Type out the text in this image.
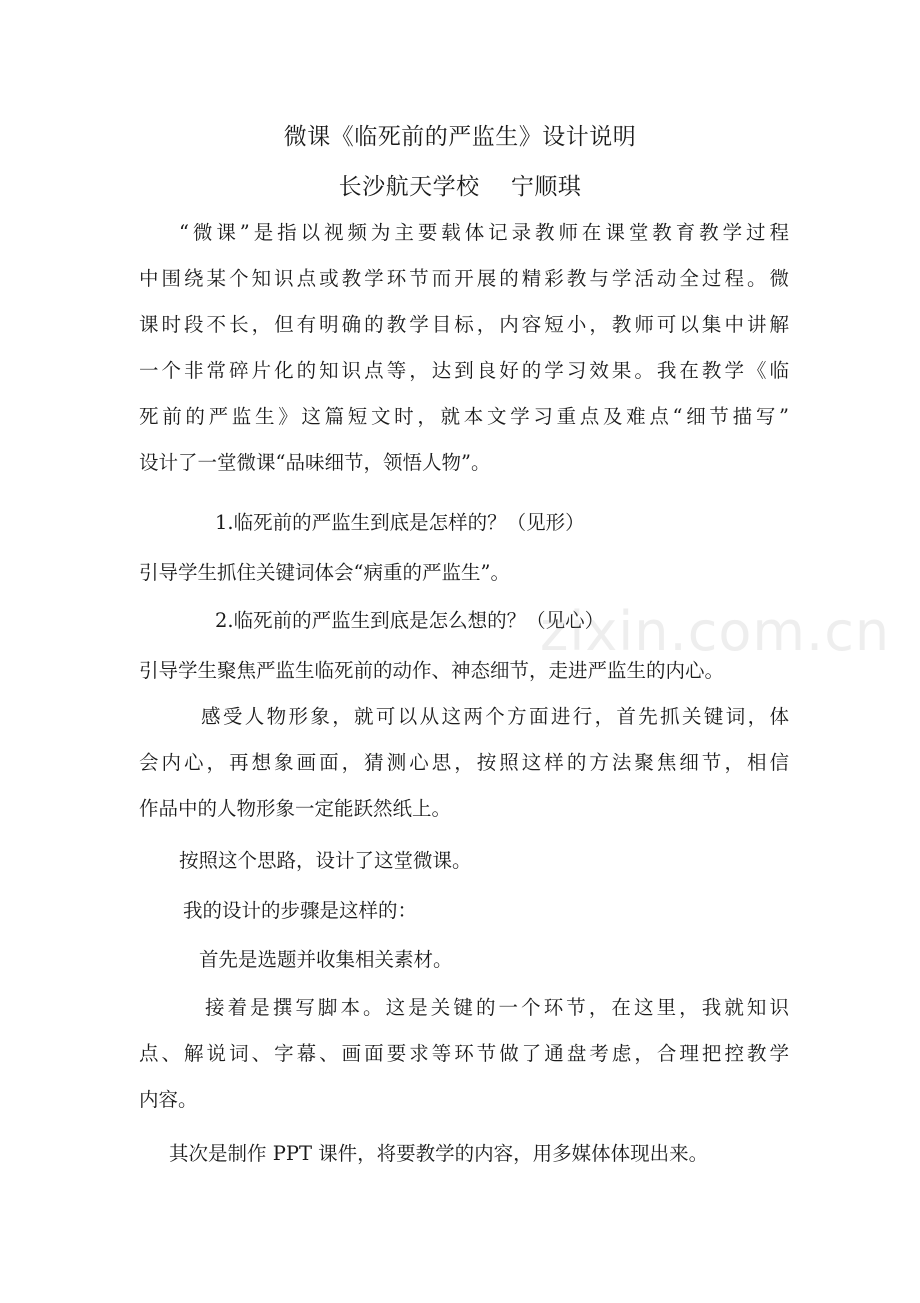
微课《临死前的严监生》设计说明
长沙航天学校　 宁顺琪
“微课”是指以视频为主要载体记录教师在课堂教育教学过程
中围绕某个知识点或教学环节而开展的精彩教与学活动全过程。微
课时段不长，但有明确的教学目标，内容短小，教师可以集中讲解
一个非常碎片化的知识点等，达到良好的学习效果。我在教学《临
死前的严监生》这篇短文时，就本文学习重点及难点“细节描写”
设计了一堂微课“品味细节，领悟人物”。
1.临死前的严监生到底是怎样的？（见形）
引导学生抓住关键词体会“病重的严监生”。
2.临死前的严监生到底是怎么想的？（见心）
引导学生聚焦严监生临死前的动作、神态细节，走进严监生的内心。
感受人物形象，就可以从这两个方面进行，首先抓关键词，体
会内心，再想象画面，猜测心思，按照这样的方法聚焦细节，相信
作品中的人物形象一定能跃然纸上。
按照这个思路，设计了这堂微课。
我的设计的步骤是这样的：
首先是选题并收集相关素材。
接着是撰写脚本。这是关键的一个环节，在这里，我就知识
点、解说词、字幕、画面要求等环节做了通盘考虑，合理把控教学
内容。
其次是制作 PPT 课件，将要教学的内容，用多媒体体现出来。
zixin.com.cn
